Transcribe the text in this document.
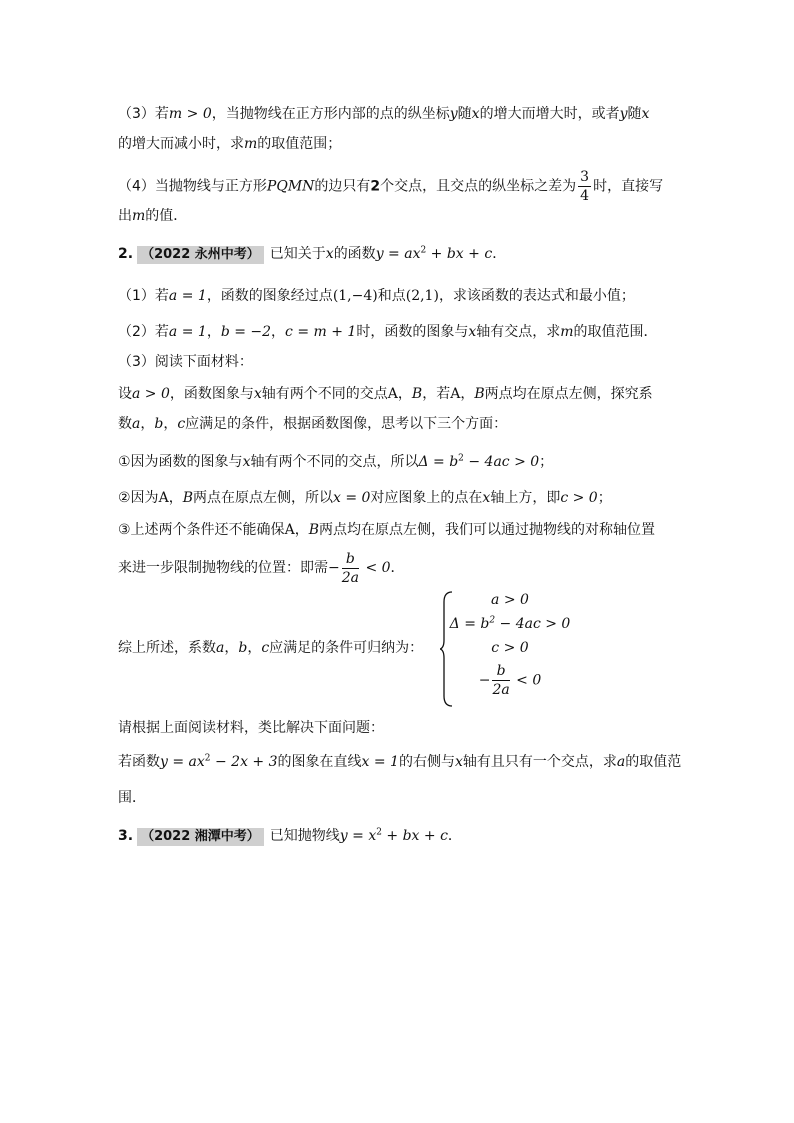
（3）若m > 0，当抛物线在正方形内部的点的纵坐标y随x的增大而增大时，或者y随x
的增大而减小时，求m的取值范围；
（4）当抛物线与正方形PQMN的边只有2个交点，且交点的纵坐标之差为 $\frac{3}{4}$ 时，直接写
出m的值．
2. （2022 永州中考） 已知关于x的函数$y = ax^2$ + bx + c．
（1）若a = 1，函数的图象经过点(1,−4)和点(2,1)，求该函数的表达式和最小值；
（2）若a = 1，b = −2，c = m + 1时，函数的图象与x轴有交点，求m的取值范围．
（3）阅读下面材料：
设a > 0，函数图象与x轴有两个不同的交点A，B，若A，B两点均在原点左侧，探究系
数a，b，c应满足的条件，根据函数图像，思考以下三个方面：
①因为函数的图象与x轴有两个不同的交点，所以$\Delta = b^2 - 4ac > 0$；
②因为A，B两点在原点左侧，所以x = 0对应图象上的点在x轴上方，即c > 0；
③上述两个条件还不能确保A，B两点均在原点左侧，我们可以通过抛物线的对称轴位置
来进一步限制抛物线的位置：即需− $\frac{b}{2a} < 0$．
综上所述，系数a，b，c应满足的条件可归纳为：
a > 0
$\Delta = b^2 - 4ac > 0$
c > 0
− $\frac{b}{2a} < 0$
请根据上面阅读材料，类比解决下面问题：
若函数$y = ax^2 - 2x + 3$的图象在直线x = 1的右侧与x轴有且只有一个交点，求a的取值范
围．
3. （2022 湘潭中考） 已知抛物线$y = x^2$ + bx + c．
